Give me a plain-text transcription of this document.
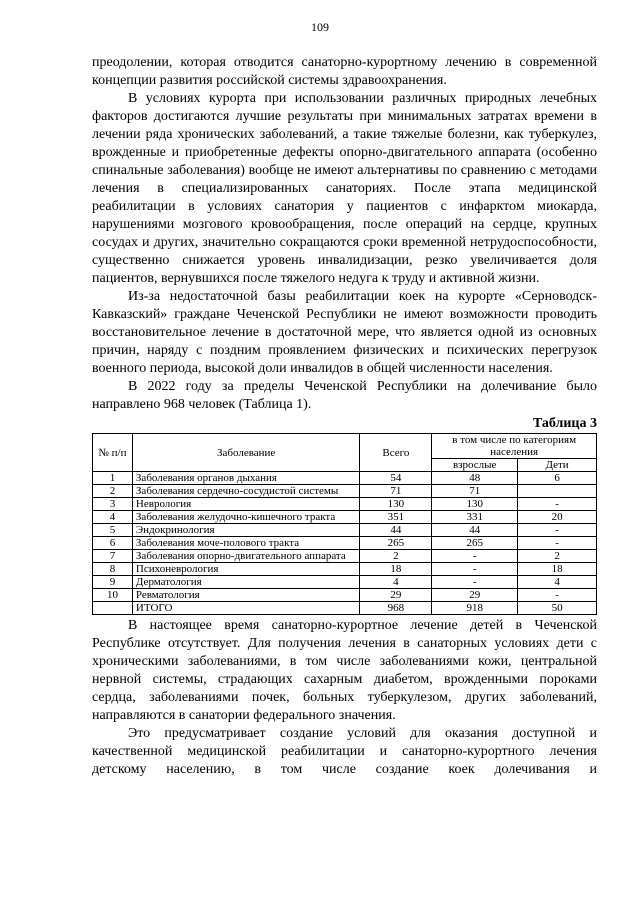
109

преодолении, которая отводится санаторно-курортному лечению в современной концепции развития российской системы здравоохранения.

В условиях курорта при использовании различных природных лечебных факторов достигаются лучшие результаты при минимальных затратах времени в лечении ряда хронических заболеваний, а такие тяжелые болезни, как туберкулез, врожденные и приобретенные дефекты опорно-двигательного аппарата (особенно спинальные заболевания) вообще не имеют альтернативы по сравнению с методами лечения в специализированных санаториях. После этапа медицинской реабилитации в условиях санатория у пациентов с инфарктом миокарда, нарушениями мозгового кровообращения, после операций на сердце, крупных сосудах и других, значительно сокращаются сроки временной нетрудоспособности, существенно снижается уровень инвалидизации, резко увеличивается доля пациентов, вернувшихся после тяжелого недуга к труду и активной жизни.

Из-за недостаточной базы реабилитации коек на курорте «Серноводск-Кавказский» граждане Чеченской Республики не имеют возможности проводить восстановительное лечение в достаточной мере, что является одной из основных причин, наряду с поздним проявлением физических и психических перегрузок военного периода, высокой доли инвалидов в общей численности населения.

В 2022 году за пределы Чеченской Республики на долечивание было направлено 968 человек (Таблица 1).

Таблица 3
№ п/п	Заболевание	Всего	в том числе по категориям населения	
			взрослые	Дети
1	Заболевания органов дыхания	54	48	6
2	Заболевания сердечно-сосудистой системы	71	71	
3	Неврология	130	130	-
4	Заболевания желудочно-кишечного тракта	351	331	20
5	Эндокринология	44	44	-
6	Заболевания моче-полового тракта	265	265	-
7	Заболевания опорно-двигательного аппарата	2	-	2
8	Психоневрология	18	-	18
9	Дерматология	4	-	4
10	Ревматология	29	29	-
	ИТОГО	968	918	50

В настоящее время санаторно-курортное лечение детей в Чеченской Республике отсутствует. Для получения лечения в санаторных условиях дети с хроническими заболеваниями, в том числе заболеваниями кожи, центральной нервной системы, страдающих сахарным диабетом, врожденными пороками сердца, заболеваниями почек, больных туберкулезом, других заболеваний, направляются в санатории федерального значения.

Это предусматривает создание условий для оказания доступной и качественной медицинской реабилитации и санаторно-курортного лечения детскому населению, в том числе создание коек долечивания и
